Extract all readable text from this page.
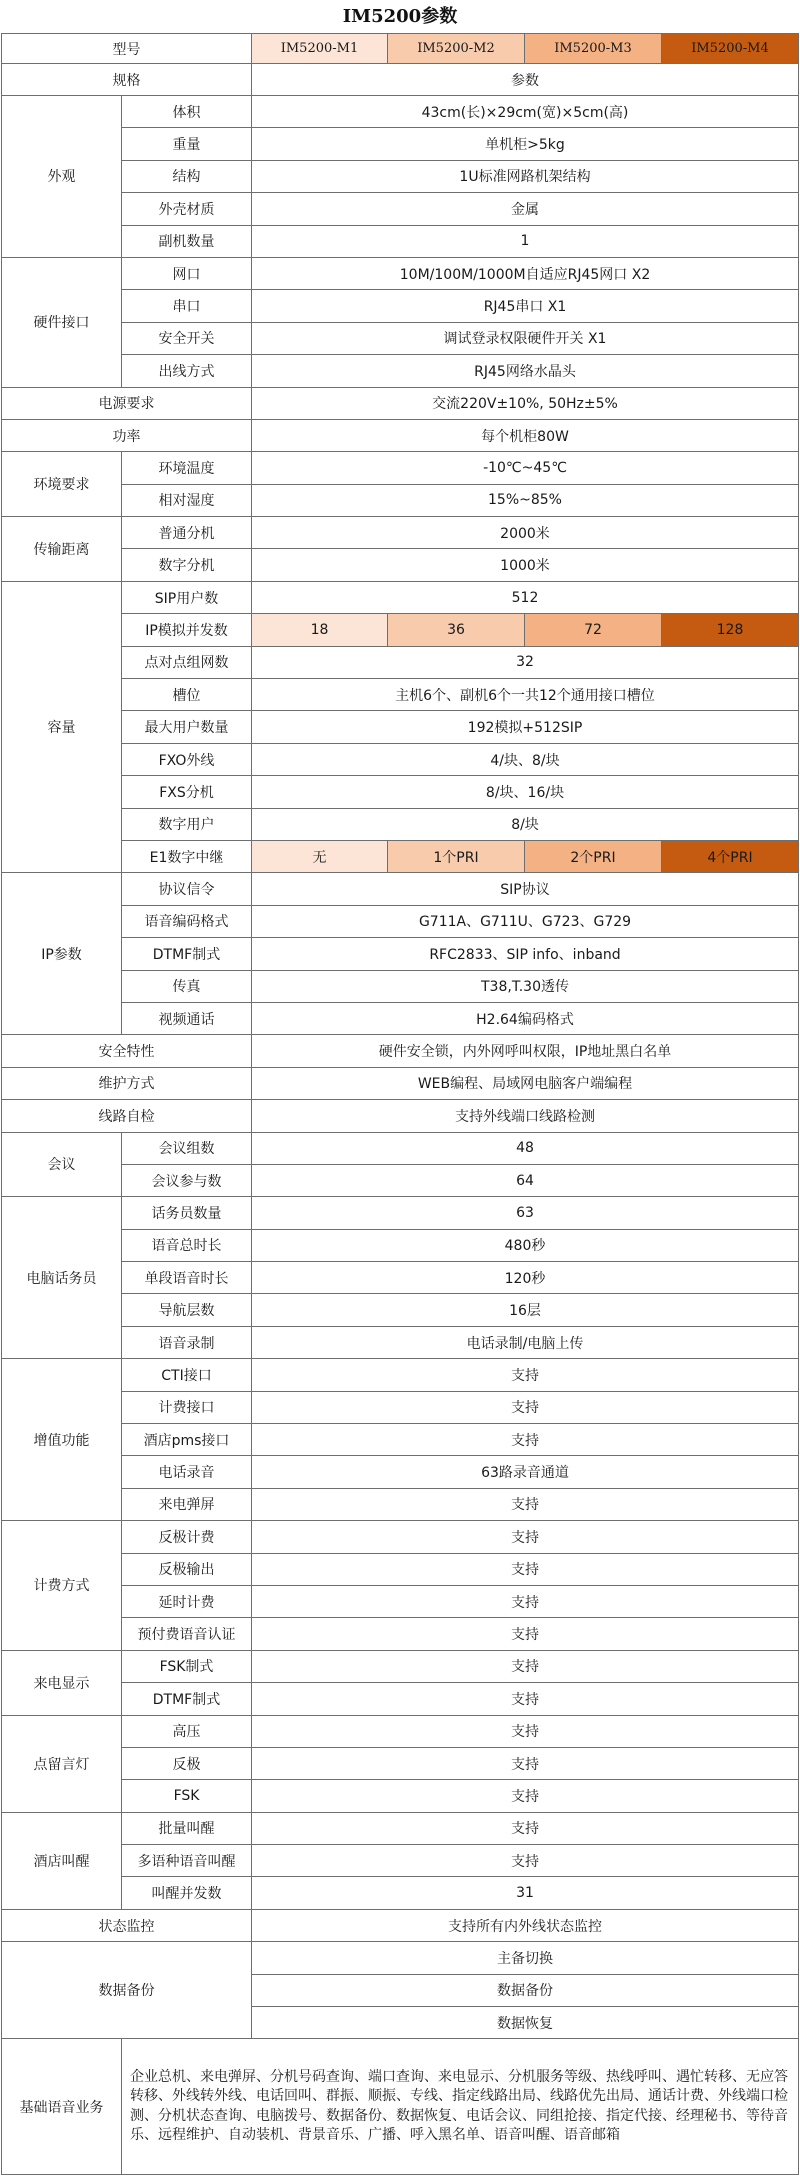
IM5200参数
型号		IM5200-M1	IM5200-M2	IM5200-M3	IM5200-M4
规格		参数			
外观	体积	43cm(长)×29cm(宽)×5cm(高)			
	重量	单机柜>5kg			
	结构	1U标准网路机架结构			
	外壳材质	金属			
	副机数量	1			
硬件接口	网口	10M/100M/1000M自适应RJ45网口 X2			
	串口	RJ45串口 X1			
	安全开关	调试登录权限硬件开关 X1			
	出线方式	RJ45网络水晶头			
电源要求		交流220V±10%, 50Hz±5%			
功率		每个机柜80W			
环境要求	环境温度	-10℃~45℃			
	相对湿度	15%~85%			
传输距离	普通分机	2000米			
	数字分机	1000米			
容量	SIP用户数	512			
	IP模拟并发数	18	36	72	128
	点对点组网数	32			
	槽位	主机6个、副机6个一共12个通用接口槽位			
	最大用户数量	192模拟+512SIP			
	FXO外线	4/块、8/块			
	FXS分机	8/块、16/块			
	数字用户	8/块			
	E1数字中继	无	1个PRI	2个PRI	4个PRI
IP参数	协议信令	SIP协议			
	语音编码格式	G711A、G711U、G723、G729			
	DTMF制式	RFC2833、SIP info、inband			
	传真	T38,T.30透传			
	视频通话	H2.64编码格式			
安全特性		硬件安全锁，内外网呼叫权限，IP地址黑白名单			
维护方式		WEB编程、局域网电脑客户端编程			
线路自检		支持外线端口线路检测			
会议	会议组数	48			
	会议参与数	64			
电脑话务员	话务员数量	63			
	语音总时长	480秒			
	单段语音时长	120秒			
	导航层数	16层			
	语音录制	电话录制/电脑上传			
增值功能	CTI接口	支持			
	计费接口	支持			
	酒店pms接口	支持			
	电话录音	63路录音通道			
	来电弹屏	支持			
计费方式	反极计费	支持			
	反极输出	支持			
	延时计费	支持			
	预付费语音认证	支持			
来电显示	FSK制式	支持			
	DTMF制式	支持			
点留言灯	高压	支持			
	反极	支持			
	FSK	支持			
酒店叫醒	批量叫醒	支持			
	多语种语音叫醒	支持			
	叫醒并发数	31			
状态监控		支持所有内外线状态监控			
数据备份		主备切换			
		数据备份			
		数据恢复			
基础语音业务	企业总机、来电弹屏、分机号码查询、端口查询、来电显示、分机服务等级、热线呼叫、遇忙转移、无应答转移、外线转外线、电话回叫、群振、顺振、专线、指定线路出局、线路优先出局、通话计费、外线端口检测、分机状态查询、电脑拨号、数据备份、数据恢复、电话会议、同组抢接、指定代接、经理秘书、等待音乐、远程维护、自动装机、背景音乐、广播、呼入黑名单、语音叫醒、语音邮箱				
